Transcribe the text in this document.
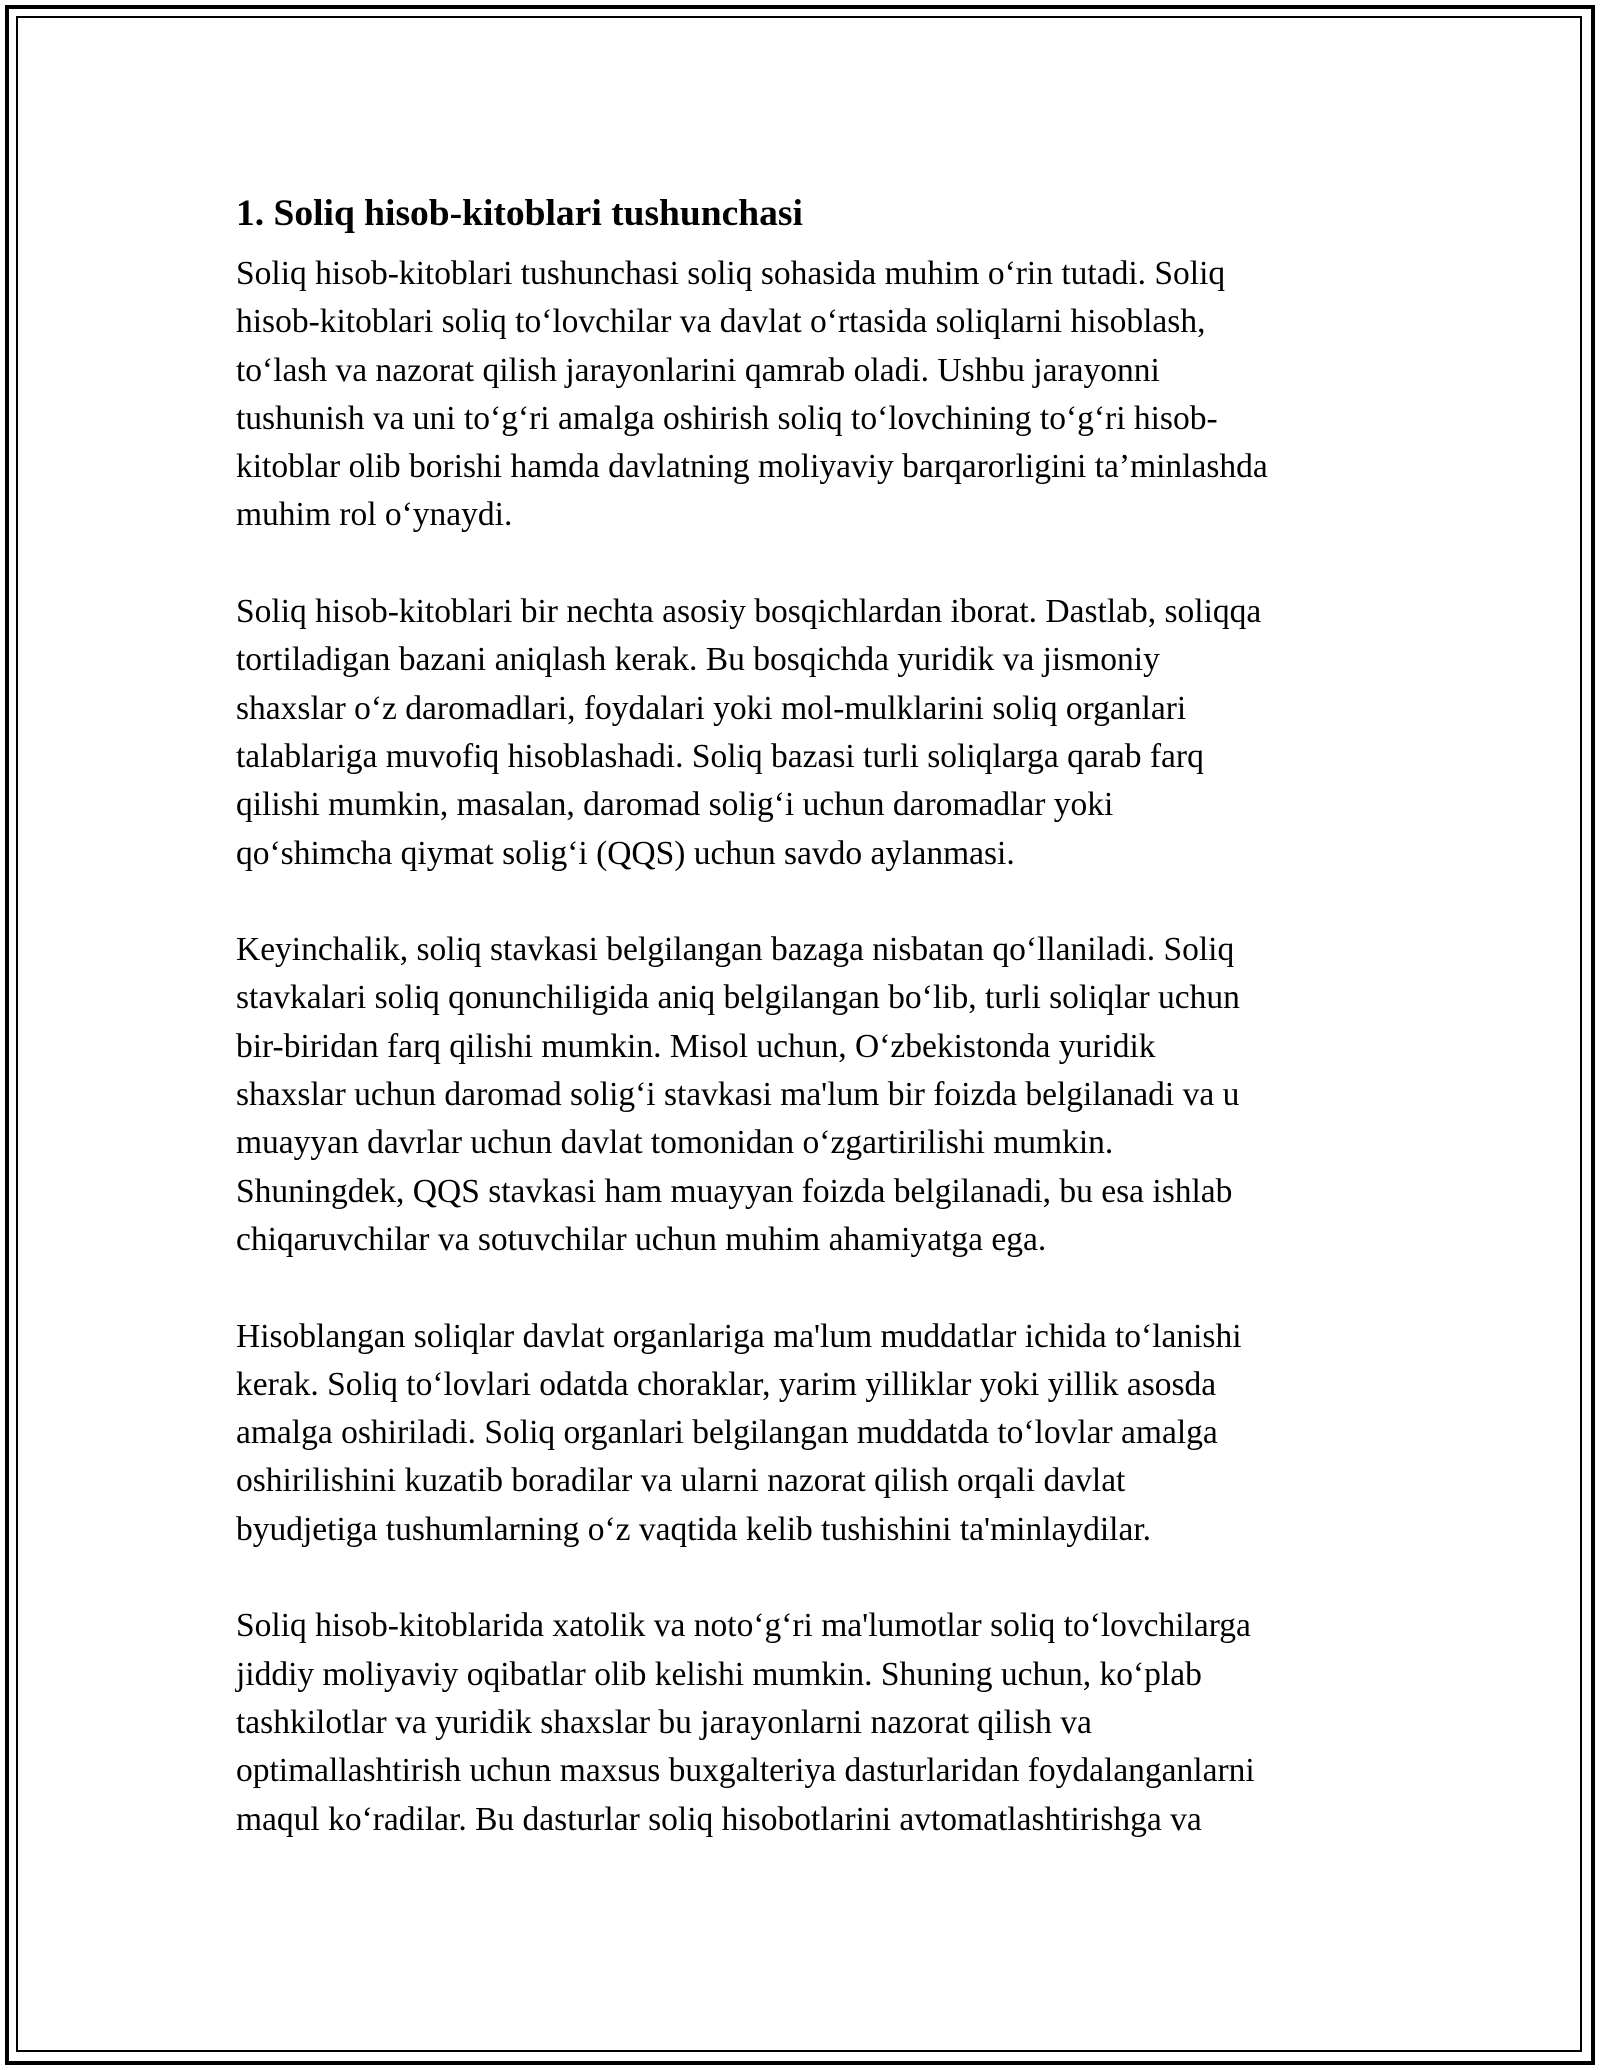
1. Soliq hisob-kitoblari tushunchasi

Soliq hisob-kitoblari tushunchasi soliq sohasida muhim o‘rin tutadi. Soliq
hisob-kitoblari soliq to‘lovchilar va davlat o‘rtasida soliqlarni hisoblash,
to‘lash va nazorat qilish jarayonlarini qamrab oladi. Ushbu jarayonni
tushunish va uni to‘g‘ri amalga oshirish soliq to‘lovchining to‘g‘ri hisob-
kitoblar olib borishi hamda davlatning moliyaviy barqarorligini ta’minlashda
muhim rol o‘ynaydi.

Soliq hisob-kitoblari bir nechta asosiy bosqichlardan iborat. Dastlab, soliqqa
tortiladigan bazani aniqlash kerak. Bu bosqichda yuridik va jismoniy
shaxslar o‘z daromadlari, foydalari yoki mol-mulklarini soliq organlari
talablariga muvofiq hisoblashadi. Soliq bazasi turli soliqlarga qarab farq
qilishi mumkin, masalan, daromad solig‘i uchun daromadlar yoki
qo‘shimcha qiymat solig‘i (QQS) uchun savdo aylanmasi.

Keyinchalik, soliq stavkasi belgilangan bazaga nisbatan qo‘llaniladi. Soliq
stavkalari soliq qonunchiligida aniq belgilangan bo‘lib, turli soliqlar uchun
bir-biridan farq qilishi mumkin. Misol uchun, O‘zbekistonda yuridik
shaxslar uchun daromad solig‘i stavkasi ma'lum bir foizda belgilanadi va u
muayyan davrlar uchun davlat tomonidan o‘zgartirilishi mumkin.
Shuningdek, QQS stavkasi ham muayyan foizda belgilanadi, bu esa ishlab
chiqaruvchilar va sotuvchilar uchun muhim ahamiyatga ega.

Hisoblangan soliqlar davlat organlariga ma'lum muddatlar ichida to‘lanishi
kerak. Soliq to‘lovlari odatda choraklar, yarim yilliklar yoki yillik asosda
amalga oshiriladi. Soliq organlari belgilangan muddatda to‘lovlar amalga
oshirilishini kuzatib boradilar va ularni nazorat qilish orqali davlat
byudjetiga tushumlarning o‘z vaqtida kelib tushishini ta'minlaydilar.

Soliq hisob-kitoblarida xatolik va noto‘g‘ri ma'lumotlar soliq to‘lovchilarga
jiddiy moliyaviy oqibatlar olib kelishi mumkin. Shuning uchun, ko‘plab
tashkilotlar va yuridik shaxslar bu jarayonlarni nazorat qilish va
optimallashtirish uchun maxsus buxgalteriya dasturlaridan foydalanganlarni
maqul ko‘radilar. Bu dasturlar soliq hisobotlarini avtomatlashtirishga va
